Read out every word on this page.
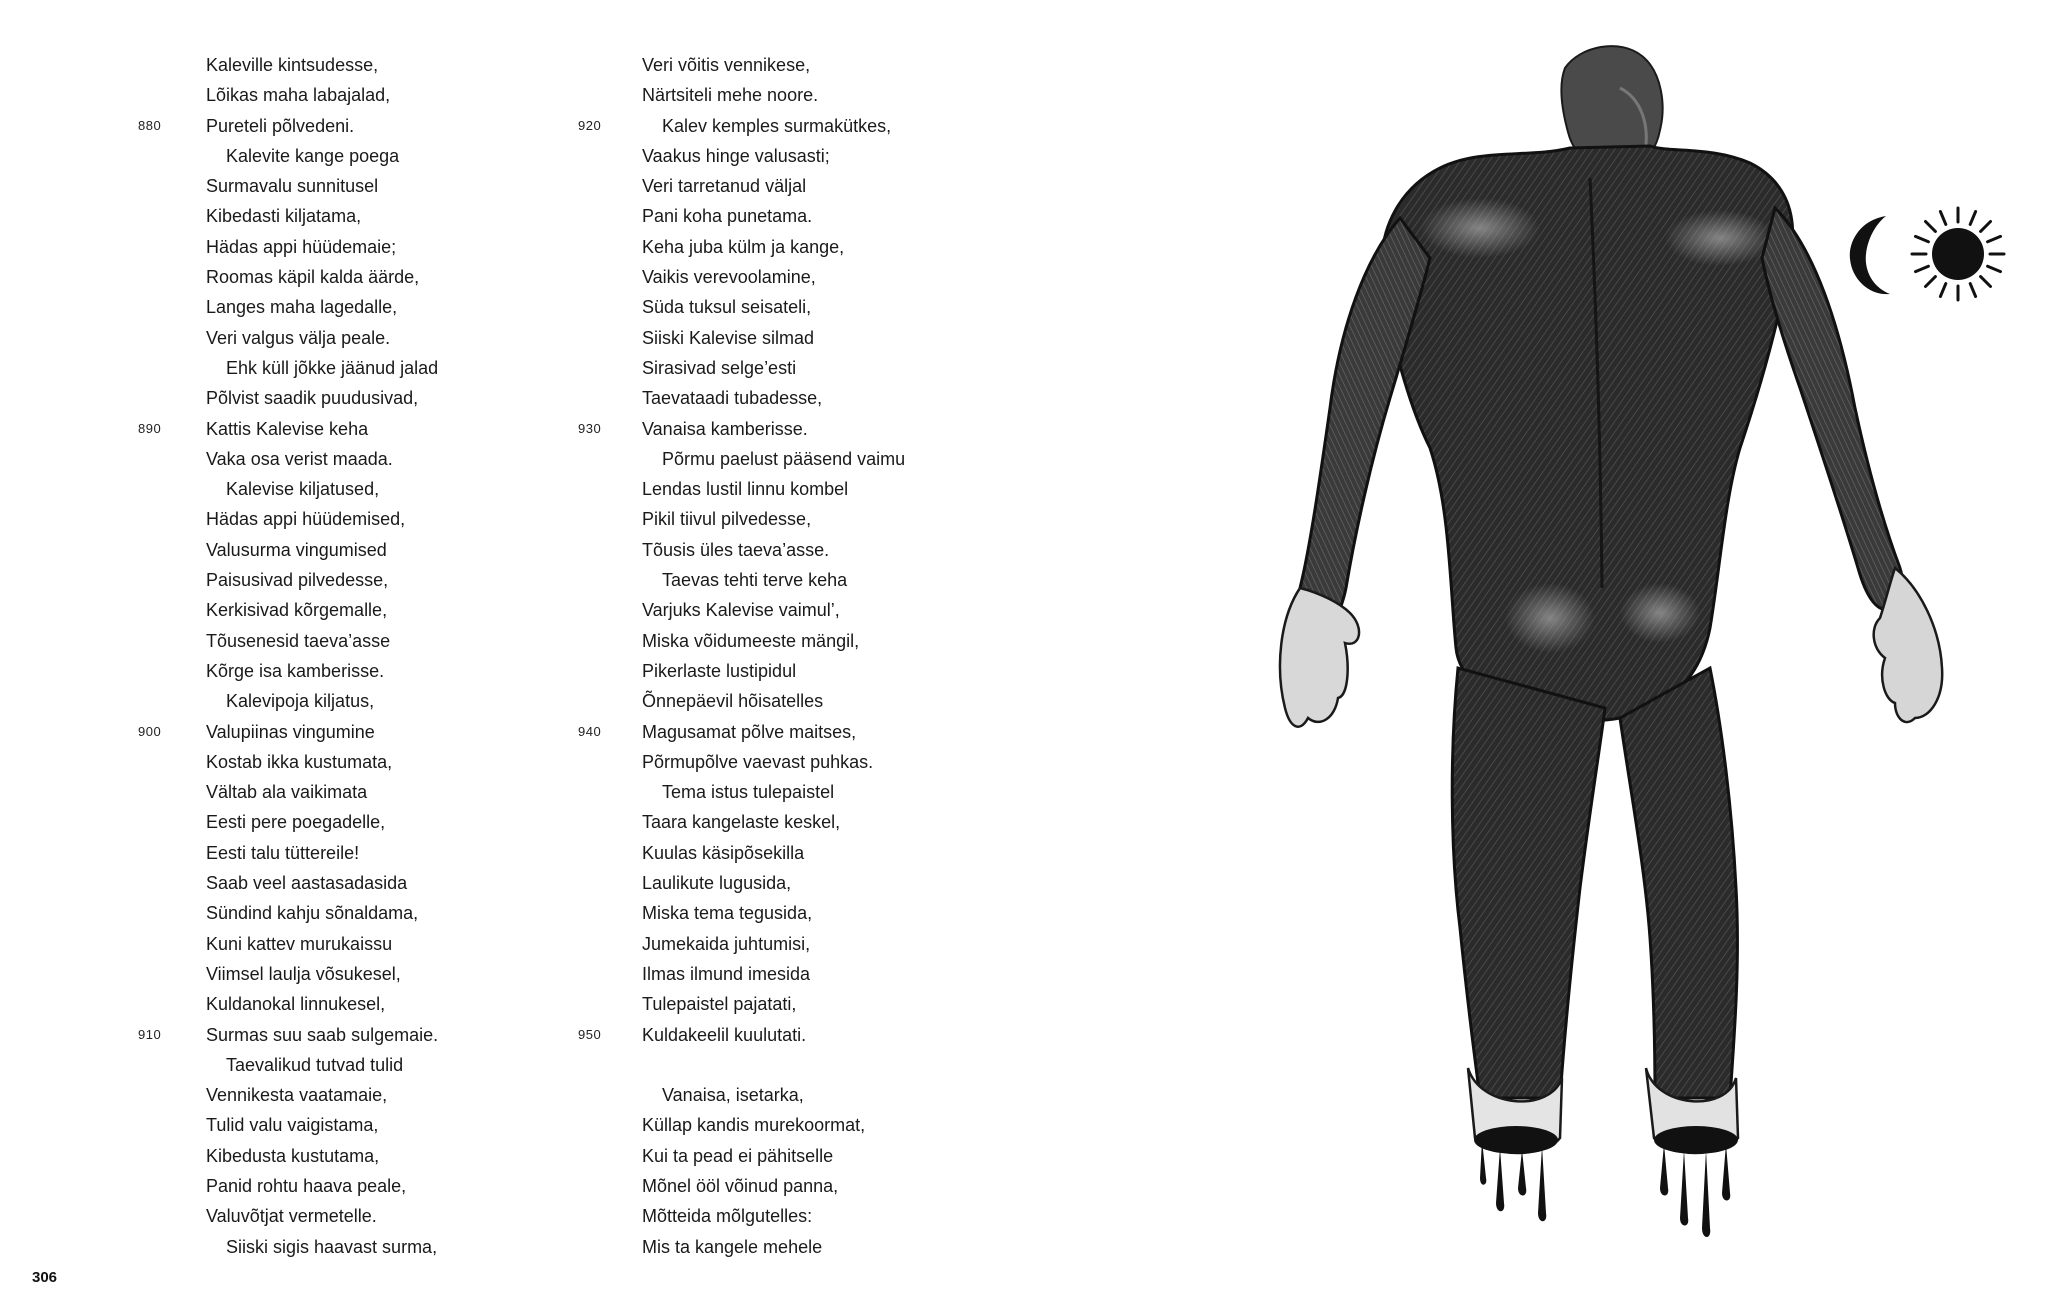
Kaleville kintsudesse,
Lõikas maha labajalad,
880 Pureteli põlvedeni.
Kalevite kange poega
Surmavalu sunnitusel
Kibedasti kiljatama,
Hädas appi hüüdemaie;
Roomas käpil kalda äärde,
Langes maha lagedalle,
Veri valgus välja peale.
Ehk küll jõkke jäänud jalad
Põlvist saadik puudusivad,
890 Kattis Kalevise keha
Vaka osa verist maada.
Kalevise kiljatused,
Hädas appi hüüdemised,
Valusurma vingumised
Paisusivad pilvedesse,
Kerkisivad kõrgemalle,
Tõusenesid taeva’asse
Kõrge isa kamberisse.
Kalevipoja kiljatus,
900 Valupiinas vingumine
Kostab ikka kustumata,
Vältab ala vaikimata
Eesti pere poegadelle,
Eesti talu tüttereile!
Saab veel aastasadasida
Sündind kahju sõnaldama,
Kuni kattev murukaissu
Viimsel laulja võsukesel,
Kuldanokal linnukesel,
910 Surmas suu saab sulgemaie.
Taevalikud tutvad tulid
Vennikesta vaatamaie,
Tulid valu vaigistama,
Kibedusta kustutama,
Panid rohtu haava peale,
Valuvõtjat vermetelle.
Siiski sigis haavast surma,
Veri võitis vennikese,
Närtsiteli mehe noore.
920	Kalev kemples surmakütkes,
Vaakus hinge valusasti;
Veri tarretanud väljal
Pani koha punetama.
Keha juba külm ja kange,
Vaikis verevoolamine,
Süda tuksul seisateli,
Siiski Kalevise silmad
Sirasivad selge’esti
Taevataadi tubadesse,
930 Vanaisa kamberisse.
Põrmu paelust pääsend vaimu
Lendas lustil linnu kombel
Pikil tiivul pilvedesse,
Tõusis üles taeva’asse.
Taevas tehti terve keha
Varjuks Kalevise vaimul’,
Miska võidumeeste mängil,
Pikerlaste lustipidul
Õnnepäevil hõisatelles
940 Magusamat põlve maitses,
Põrmupõlve vaevast puhkas.
Tema istus tulepaistel
Taara kangelaste keskel,
Kuulas käsipõsekilla
Laulikute lugusida,
Miska tema tegusida,
Jumekaida juhtumisi,
Ilmas ilmund imesida
Tulepaistel pajatati,
950 Kuldakeelil kuulutati.
Vanaisa, isetarka,
Küllap kandis murekoormat,
Kui ta pead ei pähitselle
Mõnel ööl võinud panna,
Mõtteida mõlgutelles:
Mis ta kangele mehele
306
